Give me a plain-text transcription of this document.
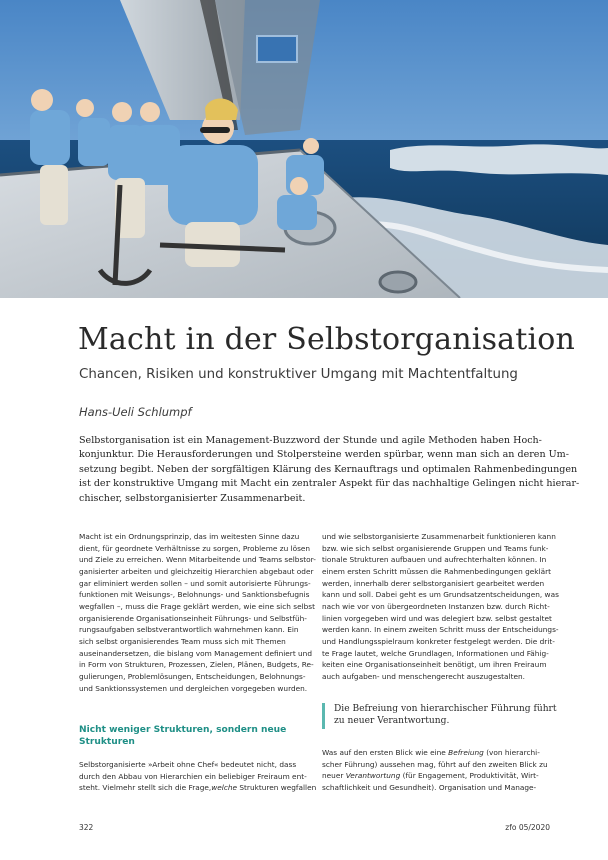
Macht in der Selbstorganisation

Chancen, Risiken und konstruktiver Umgang mit Machtentfaltung

Hans-Ueli Schlumpf

Selbstorganisation ist ein Management-Buzzword der Stunde und agile Methoden haben Hoch-
konjunktur. Die Herausforderungen und Stolpersteine werden spürbar, wenn man sich an deren Um-
setzung begibt. Neben der sorgfältigen Klärung des Kernauftrags und optimalen Rahmenbedingungen
ist der konstruktive Umgang mit Macht ein zentraler Aspekt für das nachhaltige Gelingen nicht hierar-
chischer, selbstorganisierter Zusammenarbeit.

Macht ist ein Ordnungsprinzip, das im weitesten Sinne dazu
dient, für geordnete Verhältnisse zu sorgen, Probleme zu lösen
und Ziele zu erreichen. Wenn Mitarbeitende und Teams selbstor-
ganisierter arbeiten und gleichzeitig Hierarchien abgebaut oder
gar eliminiert werden sollen – und somit autorisierte Führungs-
funktionen mit Weisungs-, Belohnungs- und Sanktionsbefugnis
wegfallen –, muss die Frage geklärt werden, wie eine sich selbst
organisierende Organisationseinheit Führungs- und Selbstfüh-
rungsaufgaben selbstverantwortlich wahrnehmen kann. Ein
sich selbst organisierendes Team muss sich mit Themen
auseinandersetzen, die bislang vom Management definiert und
in Form von Strukturen, Prozessen, Zielen, Plänen, Budgets, Re-
gulierungen, Problemlösungen, Entscheidungen, Belohnungs-
und Sanktionssystemen und dergleichen vorgegeben wurden.
Nicht weniger Strukturen, sondern neue
Strukturen
Selbstorganisierte »Arbeit ohne Chef« bedeutet nicht, dass
durch den Abbau von Hierarchien ein beliebiger Freiraum ent-
steht. Vielmehr stellt sich die Frage,welche Strukturen wegfallen
und wie selbstorganisierte Zusammenarbeit funktionieren kann
bzw. wie sich selbst organisierende Gruppen und Teams funk-
tionale Strukturen aufbauen und aufrechterhalten können. In
einem ersten Schritt müssen die Rahmenbedingungen geklärt
werden, innerhalb derer selbstorganisiert gearbeitet werden
kann und soll. Dabei geht es um Grundsatzentscheidungen, was
nach wie vor von übergeordneten Instanzen bzw. durch Richt-
linien vorgegeben wird und was delegiert bzw. selbst gestaltet
werden kann. In einem zweiten Schritt muss der Entscheidungs-
und Handlungsspielraum konkreter festgelegt werden. Die drit-
te Frage lautet, welche Grundlagen, Informationen und Fähig-
keiten eine Organisationseinheit benötigt, um ihren Freiraum
auch aufgaben- und menschengerecht auszugestalten.
Die Befreiung von hierarchischer Führung führt
zu neuer Verantwortung.
Was auf den ersten Blick wie eine Befreiung (von hierarchi-
scher Führung) aussehen mag, führt auf den zweiten Blick zu
neuer Verantwortung (für Engagement, Produktivität, Wirt-
schaftlichkeit und Gesundheit). Organisation und Manage-
322	zfo 05/2020
